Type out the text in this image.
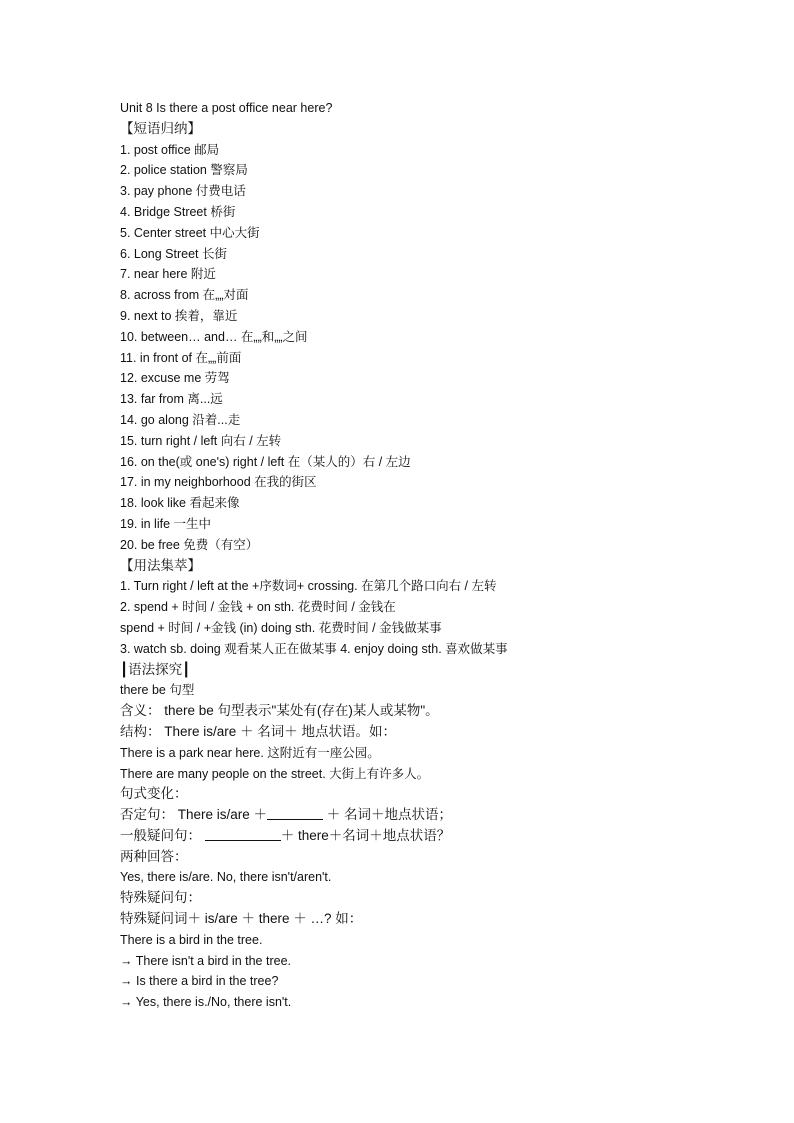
Unit 8 Is there a post office near here?
【短语归纳】
1. post office 邮局
2. police station 警察局
3. pay phone 付费电话
4. Bridge Street 桥街
5. Center street 中心大街
6. Long Street 长街
7. near here 附近
8. across from 在„„对面
9. next to 挨着，靠近
10. between… and… 在„„和„„之间
11. in front of 在„„前面
12. excuse me 劳驾
13. far from 离...远
14. go along 沿着...走
15. turn right / left 向右 / 左转
16. on the(或 one's) right / left 在（某人的）右 / 左边
17. in my neighborhood 在我的街区
18. look like 看起来像
19. in life 一生中
20. be free 免费（有空）
【用法集萃】
1. Turn right / left at the +序数词+ crossing. 在第几个路口向右 / 左转
2. spend + 时间 / 金钱 + on sth. 花费时间 / 金钱在
spend + 时间 / +金钱 (in) doing sth. 花费时间 / 金钱做某事
3. watch sb. doing 观看某人正在做某事 4. enjoy doing sth. 喜欢做某事
┃语法探究┃
there be 句型
含义： there be 句型表示"某处有(存在)某人或某物"。
结构： There is/are ＋ 名词＋ 地点状语。如：
There is a park near here. 这附近有一座公园。
There are many people on the street. 大街上有许多人。
句式变化：
否定句： There is/are ＋	＋ 名词＋地点状语；
一般疑问句：	＋ there＋名词＋地点状语？
两种回答：
Yes, there is/are. No, there isn't/aren't.
特殊疑问句：
特殊疑问词＋ is/are ＋ there ＋ …? 如：
There is a bird in the tree.
→ There isn't a bird in the tree.
→ Is there a bird in the tree?
→ Yes, there is./No, there isn't.
